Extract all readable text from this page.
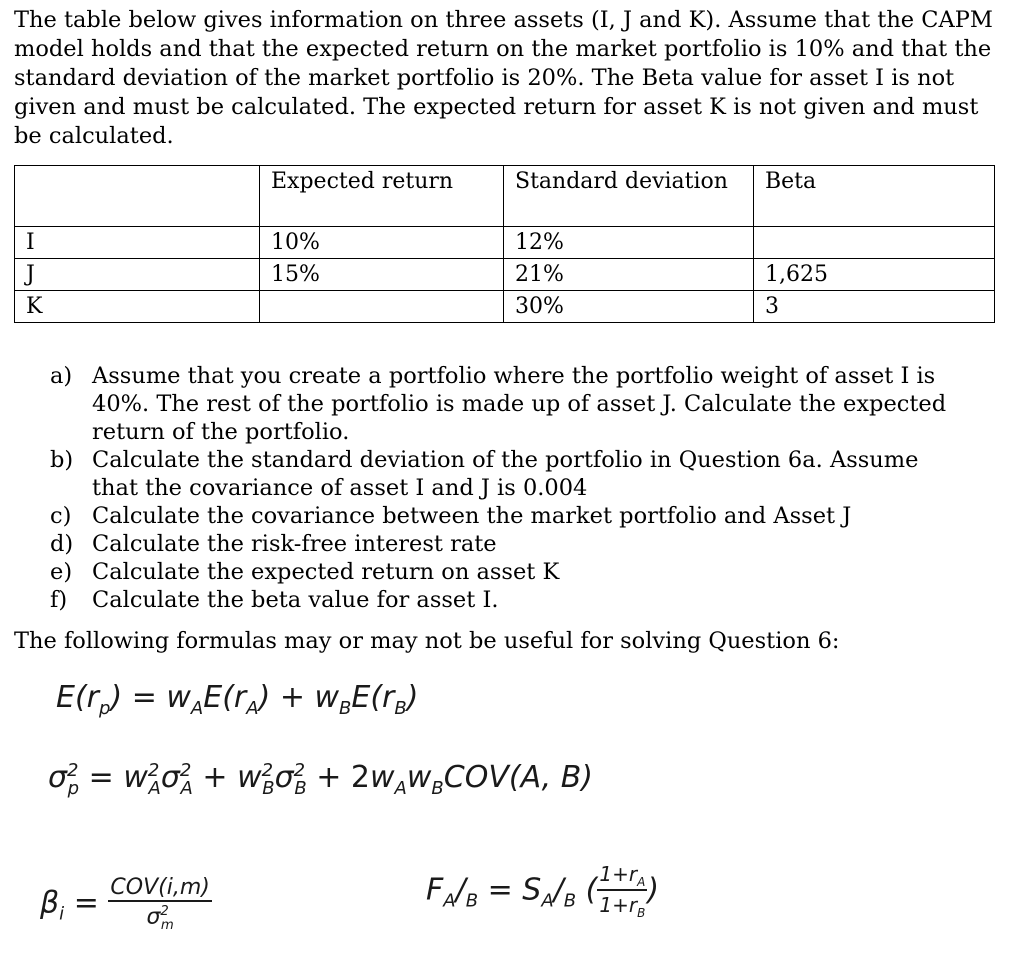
The table below gives information on three assets (I, J and K). Assume that the CAPM model holds and that the expected return on the market portfolio is 10% and that the standard deviation of the market portfolio is 20%. The Beta value for asset I is not given and must be calculated. The expected return for asset K is not given and must be calculated.

	Expected return	Standard deviation	Beta
I	10%	12%	
J	15%	21%	1,625
K		30%	3
a) Assume that you create a portfolio where the portfolio weight of asset I is 40%. The rest of the portfolio is made up of asset J. Calculate the expected return of the portfolio.
b) Calculate the standard deviation of the portfolio in Question 6a. Assume that the covariance of asset I and J is 0.004
c) Calculate the covariance between the market portfolio and Asset J
d) Calculate the risk-free interest rate
e) Calculate the expected return on asset K
f)	Calculate the beta value for asset I.

The following formulas may or may not be useful for solving Question 6:

$E(r_p) = w_AE(r_A) + w_BE(r_B)$
$\sigma^2_p = w^2_A\sigma^2_A + w^2_B\sigma^2_B + 2w_Aw_BCOV(A$, B)
$\beta_i = \frac{\text{COV(i,m)}}{\sigma^2_m}$	$F_A/_B = S_A/_B$ ( $\frac{1+r_A}{1+r_B}$ )
